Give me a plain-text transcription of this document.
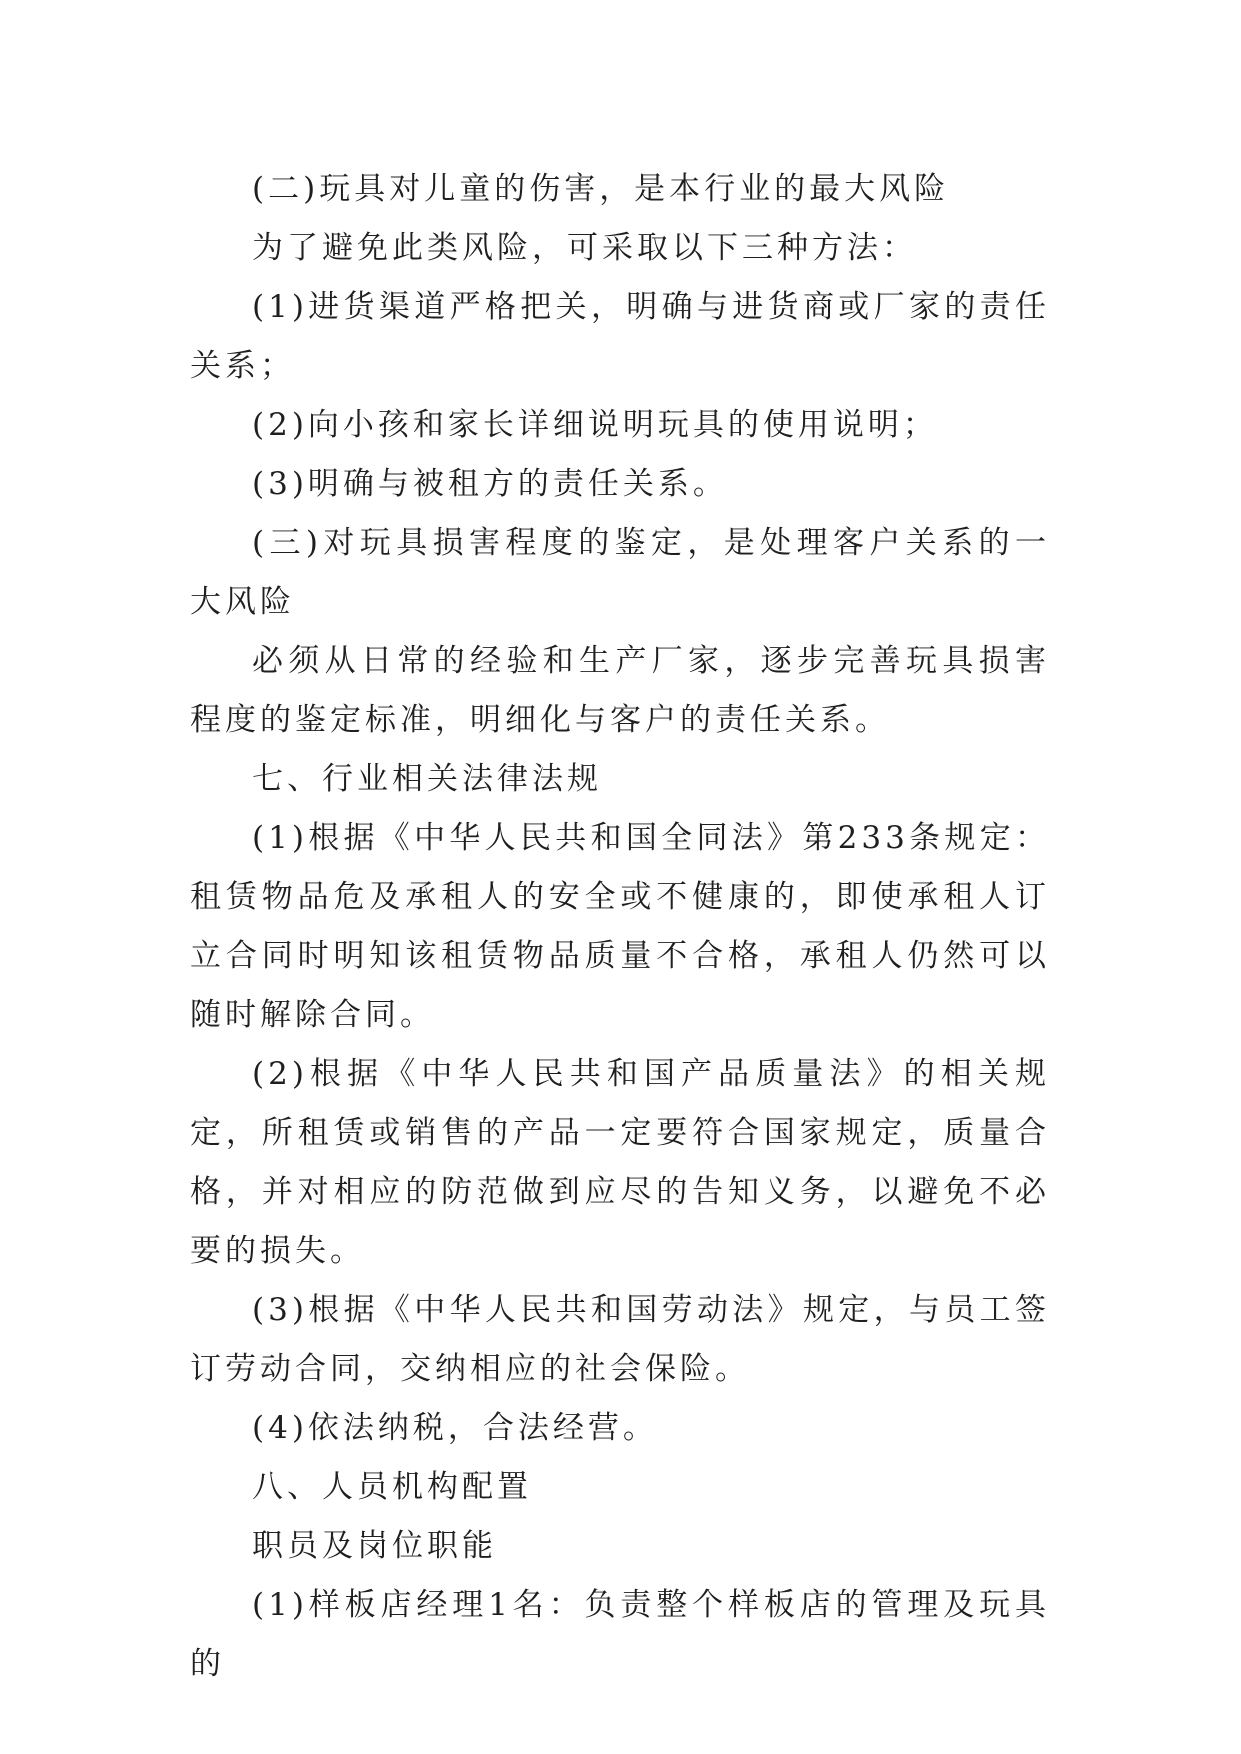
(二)玩具对儿童的伤害，是本行业的最大风险

为了避免此类风险，可采取以下三种方法：

(1)进货渠道严格把关，明确与进货商或厂家的责任关系；

(2)向小孩和家长详细说明玩具的使用说明；

(3)明确与被租方的责任关系。

(三)对玩具损害程度的鉴定，是处理客户关系的一大风险

必须从日常的经验和生产厂家，逐步完善玩具损害程度的鉴定标准，明细化与客户的责任关系。

七、行业相关法律法规

(1)根据《中华人民共和国全同法》第233条规定：租赁物品危及承租人的安全或不健康的，即使承租人订立合同时明知该租赁物品质量不合格，承租人仍然可以随时解除合同。

(2)根据《中华人民共和国产品质量法》的相关规定，所租赁或销售的产品一定要符合国家规定，质量合格，并对相应的防范做到应尽的告知义务，以避免不必要的损失。

(3)根据《中华人民共和国劳动法》规定，与员工签订劳动合同，交纳相应的社会保险。

(4)依法纳税，合法经营。

八、人员机构配置

职员及岗位职能

(1)样板店经理1名：负责整个样板店的管理及玩具的
